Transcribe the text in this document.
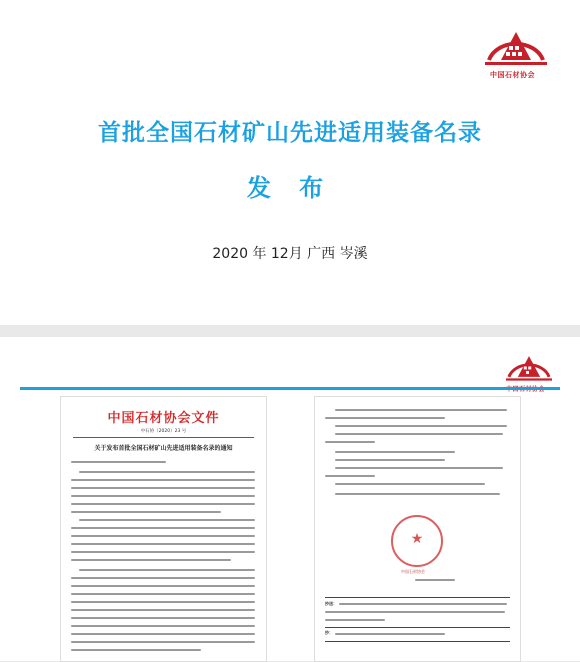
中国石材协会
首批全国石材矿山先进适用装备名录
发 布
2020 年 12月 广西 岑溪
中国石材协会文件
中石协（2020）23 号
关于发布首批全国石材矿山先进适用装备名录的通知
★
中国石材协会
抄送：
抄：
